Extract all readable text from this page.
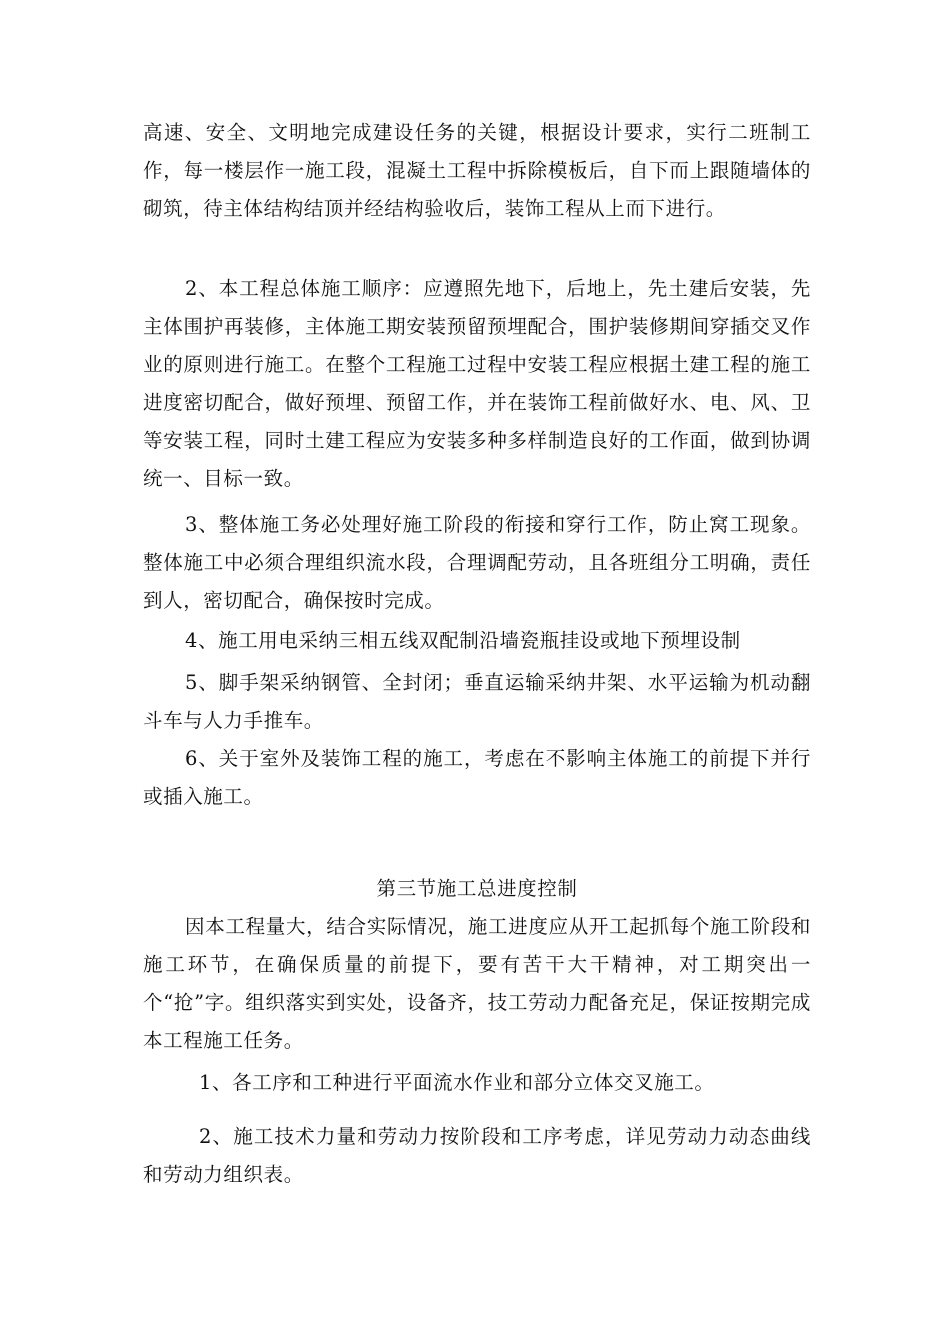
高速、安全、文明地完成建设任务的关键，根据设计要求，实行二班制工作，每一楼层作一施工段，混凝土工程中拆除模板后，自下而上跟随墙体的砌筑，待主体结构结顶并经结构验收后，装饰工程从上而下进行。

2、本工程总体施工顺序：应遵照先地下，后地上，先土建后安装，先主体围护再装修，主体施工期安装预留预埋配合，围护装修期间穿插交叉作业的原则进行施工。在整个工程施工过程中安装工程应根据土建工程的施工进度密切配合，做好预埋、预留工作，并在装饰工程前做好水、电、风、卫等安装工程，同时土建工程应为安装多种多样制造良好的工作面，做到协调统一、目标一致。

3、整体施工务必处理好施工阶段的衔接和穿行工作，防止窝工现象。整体施工中必须合理组织流水段，合理调配劳动，且各班组分工明确，责任到人，密切配合，确保按时完成。

4、施工用电采纳三相五线双配制沿墙瓷瓶挂设或地下预埋设制

5、脚手架采纳钢管、全封闭；垂直运输采纳井架、水平运输为机动翻斗车与人力手推车。

6、关于室外及装饰工程的施工，考虑在不影响主体施工的前提下并行或插入施工。

第三节施工总进度控制

因本工程量大，结合实际情况，施工进度应从开工起抓每个施工阶段和施工环节，在确保质量的前提下，要有苦干大干精神，对工期突出一个“抢”字。组织落实到实处，设备齐，技工劳动力配备充足，保证按期完成本工程施工任务。

1、各工序和工种进行平面流水作业和部分立体交叉施工。

2、施工技术力量和劳动力按阶段和工序考虑，详见劳动力动态曲线和劳动力组织表。
